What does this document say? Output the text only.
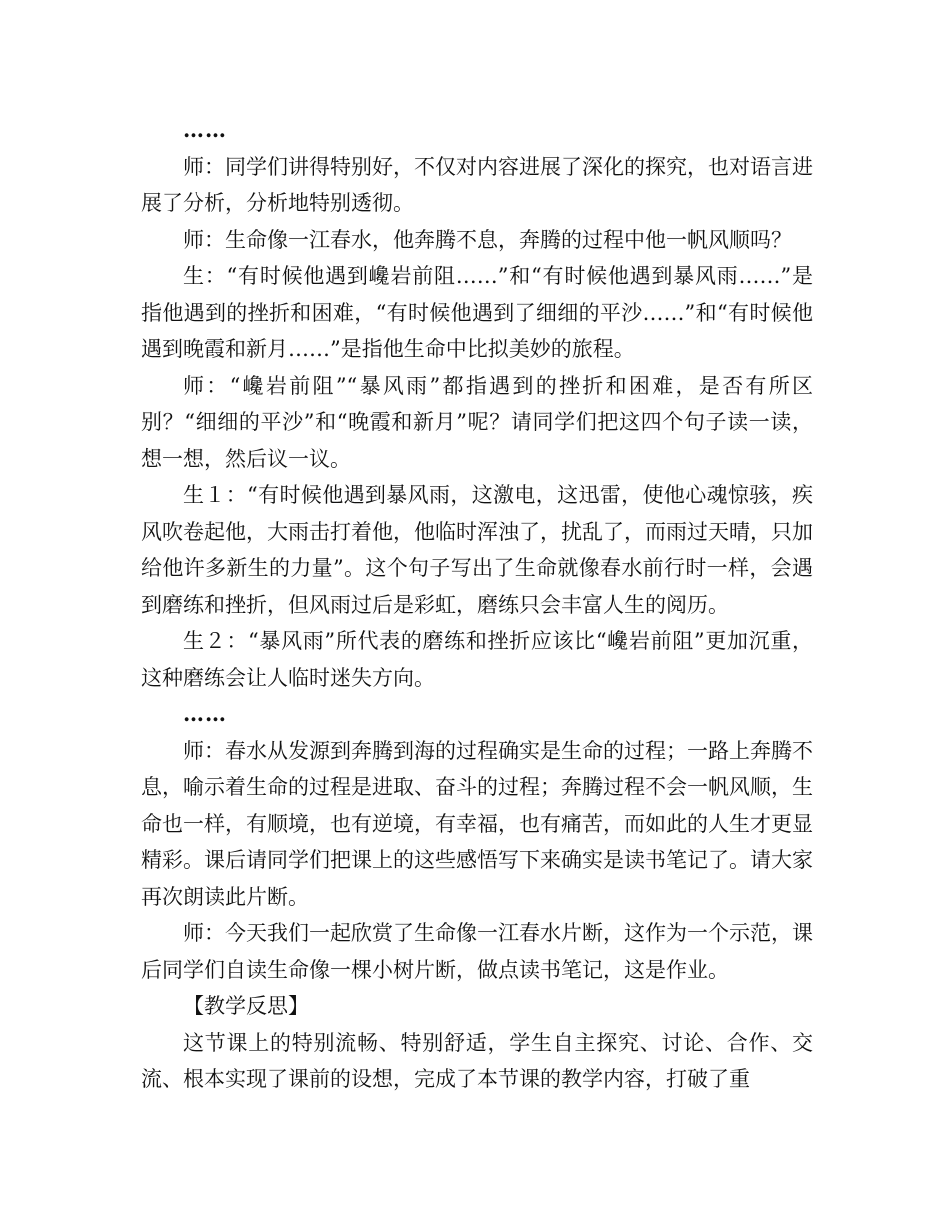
……

师：同学们讲得特别好，不仅对内容进展了深化的探究，也对语言进展了分析，分析地特别透彻。

师：生命像一江春水，他奔腾不息，奔腾的过程中他一帆风顺吗？

生：“有时候他遇到巉岩前阻……”和“有时候他遇到暴风雨……”是指他遇到的挫折和困难，“有时候他遇到了细细的平沙……”和“有时候他遇到晚霞和新月……”是指他生命中比拟美妙的旅程。

师：“巉岩前阻”“暴风雨”都指遇到的挫折和困难，是否有所区别？“细细的平沙”和“晚霞和新月”呢？请同学们把这四个句子读一读，想一想，然后议一议。

生１：“有时候他遇到暴风雨，这激电，这迅雷，使他心魂惊骇，疾风吹卷起他，大雨击打着他，他临时浑浊了，扰乱了，而雨过天晴，只加给他许多新生的力量”。这个句子写出了生命就像春水前行时一样，会遇到磨练和挫折，但风雨过后是彩虹，磨练只会丰富人生的阅历。

生２：“暴风雨”所代表的磨练和挫折应该比“巉岩前阻”更加沉重，这种磨练会让人临时迷失方向。

……

师：春水从发源到奔腾到海的过程确实是生命的过程；一路上奔腾不息，喻示着生命的过程是进取、奋斗的过程；奔腾过程不会一帆风顺，生命也一样，有顺境，也有逆境，有幸福，也有痛苦，而如此的人生才更显精彩。课后请同学们把课上的这些感悟写下来确实是读书笔记了。请大家再次朗读此片断。

师：今天我们一起欣赏了生命像一江春水片断，这作为一个示范，课后同学们自读生命像一棵小树片断，做点读书笔记，这是作业。

【教学反思】

这节课上的特别流畅、特别舒适，学生自主探究、讨论、合作、交流、根本实现了课前的设想，完成了本节课的教学内容，打破了重
